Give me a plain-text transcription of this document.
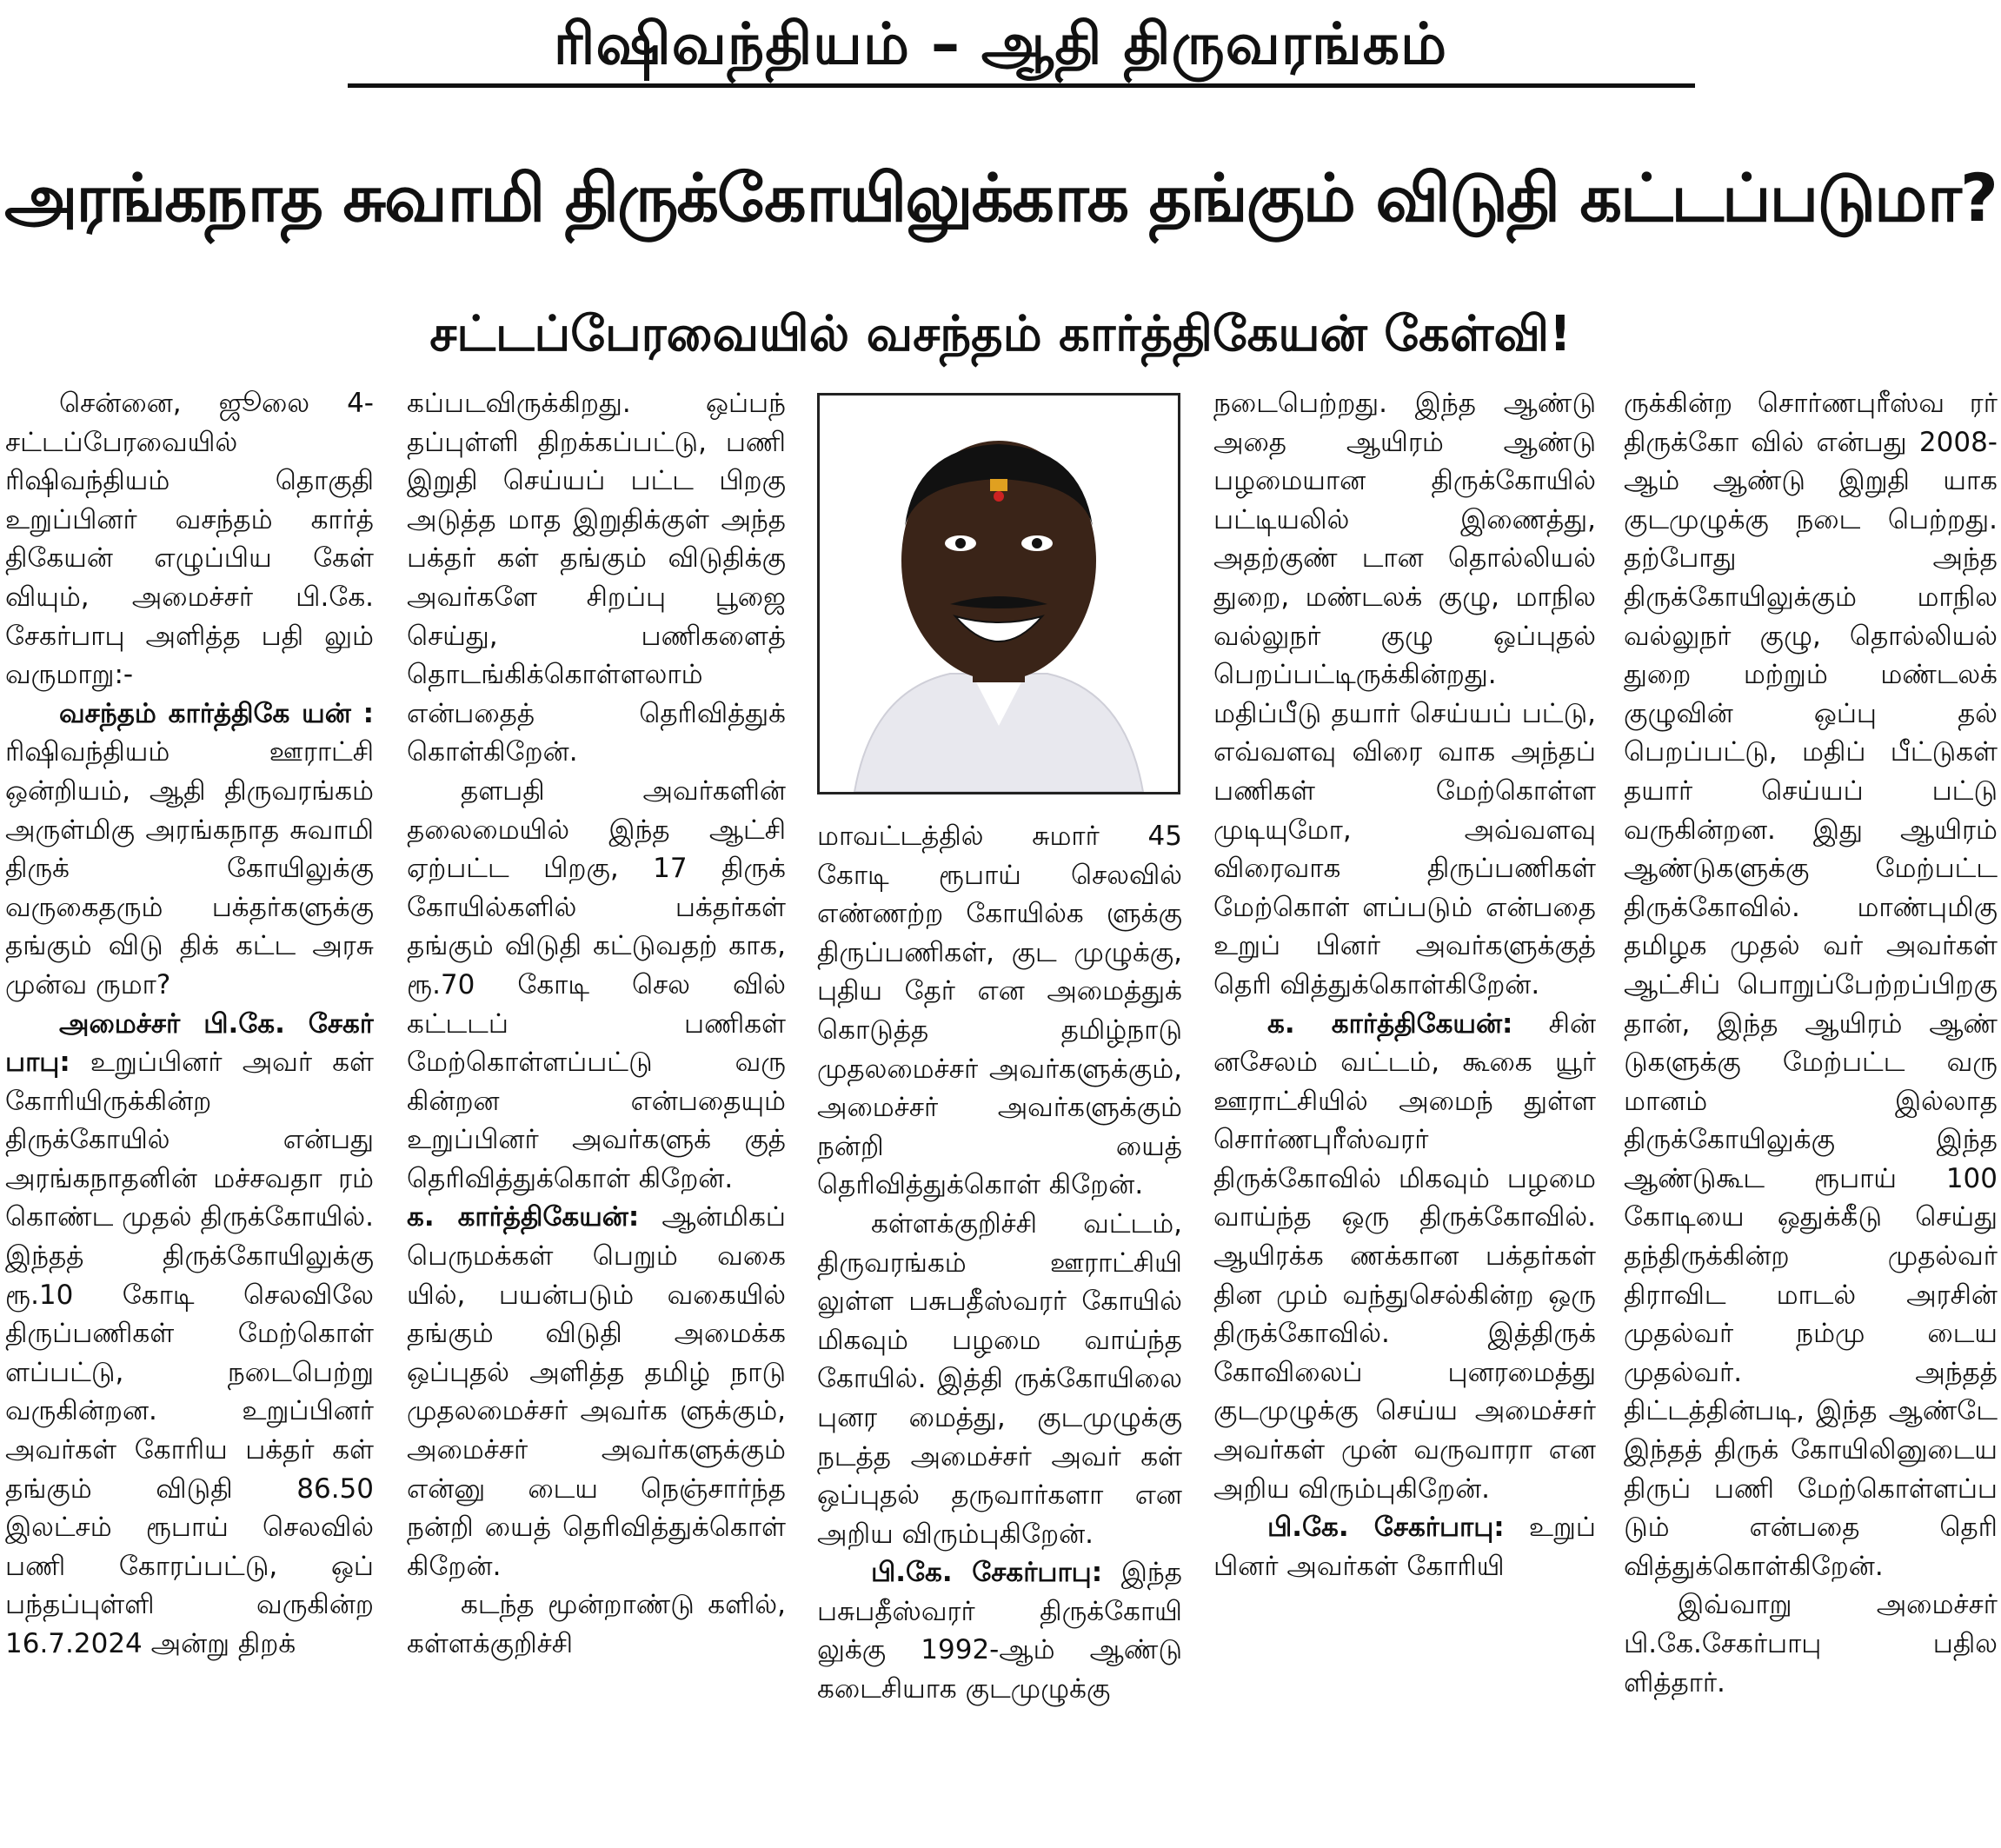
ரிஷிவந்தியம் – ஆதி திருவரங்கம்
அரங்கநாத சுவாமி திருக்கோயிலுக்காக தங்கும் விடுதி கட்டப்படுமா?
சட்டப்பேரவையில் வசந்தம் கார்த்திகேயன் கேள்வி!

சென்னை, ஜூலை 4- சட்டப்பேரவையில் ரிஷிவந்தியம் தொகுதி உறுப்பினர் வசந்தம் கார்த் திகேயன் எழுப்பிய கேள் வியும், அமைச்சர் பி.கே. சேகர்பாபு அளித்த பதி லும் வருமாறு:-

வசந்தம் கார்த்திகே யன் : ரிஷிவந்தியம் ஊராட்சி ஒன்றியம், ஆதி திருவரங்கம் அருள்மிகு அரங்கநாத சுவாமி திருக் கோயிலுக்கு வருகைதரும் பக்தர்களுக்கு தங்கும் விடு திக் கட்ட அரசு முன்வ ருமா?

அமைச்சர் பி.கே. சேகர் பாபு: உறுப்பினர் அவர் கள் கோரியிருக்கின்ற திருக்கோயில் என்பது அரங்கநாதனின் மச்சவதா ரம் கொண்ட முதல் திருக்கோயில். இந்தத் திருக்கோயிலுக்கு ரூ.10 கோடி செலவிலே திருப்பணிகள் மேற்கொள் ளப்பட்டு, நடைபெற்று வருகின்றன. உறுப்பினர் அவர்கள் கோரிய பக்தர் கள் தங்கும் விடுதி 86.50 இலட்சம் ரூபாய் செலவில் பணி கோரப்பட்டு, ஒப் பந்தப்புள்ளி வருகின்ற 16.7.2024 அன்று திறக்

கப்படவிருக்கிறது. ஒப்பந் தப்புள்ளி திறக்கப்பட்டு, பணி இறுதி செய்யப் பட்ட பிறகு அடுத்த மாத இறுதிக்குள் அந்த பக்தர் கள் தங்கும் விடுதிக்கு அவர்களே சிறப்பு பூஜை செய்து, பணிகளைத் தொடங்கிக்கொள்ளலாம் என்பதைத் தெரிவித்துக் கொள்கிறேன்.

தளபதி அவர்களின் தலைமையில் இந்த ஆட்சி ஏற்பட்ட பிறகு, 17 திருக் கோயில்களில் பக்தர்கள் தங்கும் விடுதி கட்டுவதற் காக, ரூ.70 கோடி செல வில் கட்டடப் பணிகள் மேற்கொள்ளப்பட்டு வரு கின்றன என்பதையும் உறுப்பினர் அவர்களுக் குத் தெரிவித்துக்கொள் கிறேன்.

க. கார்த்திகேயன்: ஆன்மிகப் பெருமக்கள் பெறும் வகை யில், பயன்படும் வகையில் தங்கும் விடுதி அமைக்க ஒப்புதல் அளித்த தமிழ் நாடு முதலமைச்சர் அவர்க ளுக்கும், அமைச்சர் அவர்களுக்கும் என்னு டைய நெஞ்சார்ந்த நன்றி யைத் தெரிவித்துக்கொள் கிறேன்.

கடந்த மூன்றாண்டு களில், கள்ளக்குறிச்சி

மாவட்டத்தில் சுமார் 45 கோடி ரூபாய் செலவில் எண்ணற்ற கோயில்க ளுக்கு திருப்பணிகள், குட முழுக்கு, புதிய தேர் என அமைத்துக் கொடுத்த தமிழ்நாடு முதலமைச்சர் அவர்களுக்கும், அமைச்சர் அவர்களுக்கும் நன்றி யைத் தெரிவித்துக்கொள் கிறேன்.

கள்ளக்குறிச்சி வட்டம், திருவரங்கம் ஊராட்சியி லுள்ள பசுபதீஸ்வரர் கோயில் மிகவும் பழமை வாய்ந்த கோயில். இத்தி ருக்கோயிலை புனர மைத்து, குடமுழுக்கு நடத்த அமைச்சர் அவர் கள் ஒப்புதல் தருவார்களா என அறிய விரும்புகிறேன்.

பி.கே. சேகர்பாபு: இந்த பசுபதீஸ்வரர் திருக்கோயி லுக்கு 1992-ஆம் ஆண்டு கடைசியாக குடமுழுக்கு

நடைபெற்றது. இந்த ஆண்டு அதை ஆயிரம் ஆண்டு பழமையான திருக்கோயில் பட்டியலில் இணைத்து, அதற்குண் டான தொல்லியல் துறை, மண்டலக் குழு, மாநில வல்லுநர் குழு ஒப்புதல் பெறப்பட்டிருக்கின்றது. மதிப்பீடு தயார் செய்யப் பட்டு, எவ்வளவு விரை வாக அந்தப் பணிகள் மேற்கொள்ள முடியுமோ, அவ்வளவு விரைவாக திருப்பணிகள் மேற்கொள் ளப்படும் என்பதை உறுப் பினர் அவர்களுக்குத் தெரி வித்துக்கொள்கிறேன்.

க. கார்த்திகேயன்: சின் னசேலம் வட்டம், கூகை யூர் ஊராட்சியில் அமைந் துள்ள சொர்ணபுரீஸ்வரர் திருக்கோவில் மிகவும் பழமை வாய்ந்த ஒரு திருக்கோவில். ஆயிரக்க ணக்கான பக்தர்கள் தின மும் வந்துசெல்கின்ற ஒரு திருக்கோவில். இத்திருக் கோவிலைப் புனரமைத்து குடமுழுக்கு செய்ய அமைச்சர் அவர்கள் முன் வருவாரா என அறிய விரும்புகிறேன்.

பி.கே. சேகர்பாபு: உறுப் பினர் அவர்கள் கோரியி

ருக்கின்ற சொர்ணபுரீஸ்வ ரர் திருக்கோ வில் என்பது 2008-ஆம் ஆண்டு இறுதி யாக குடமுழுக்கு நடை பெற்றது. தற்போது அந்த திருக்கோயிலுக்கும் மாநில வல்லுநர் குழு, தொல்லியல் துறை மற்றும் மண்டலக் குழுவின் ஒப்பு தல் பெறப்பட்டு, மதிப் பீட்டுகள் தயார் செய்யப் பட்டு வருகின்றன. இது ஆயிரம் ஆண்டுகளுக்கு மேற்பட்ட திருக்கோவில். மாண்புமிகு தமிழக முதல் வர் அவர்கள் ஆட்சிப் பொறுப்பேற்றப்பிறகு தான், இந்த ஆயிரம் ஆண் டுகளுக்கு மேற்பட்ட வரு மானம் இல்லாத திருக்கோயிலுக்கு இந்த ஆண்டுகூட ரூபாய் 100 கோடியை ஒதுக்கீடு செய்து தந்திருக்கின்ற முதல்வர் திராவிட மாடல் அரசின் முதல்வர் நம்மு டைய முதல்வர். அந்தத் திட்டத்தின்படி, இந்த ஆண்டே இந்தத் திருக் கோயிலினுடைய திருப் பணி மேற்கொள்ளப்ப டும் என்பதை தெரி வித்துக்கொள்கிறேன்.

இவ்வாறு அமைச்சர் பி.கே.சேகர்பாபு பதில ளித்தார்.
